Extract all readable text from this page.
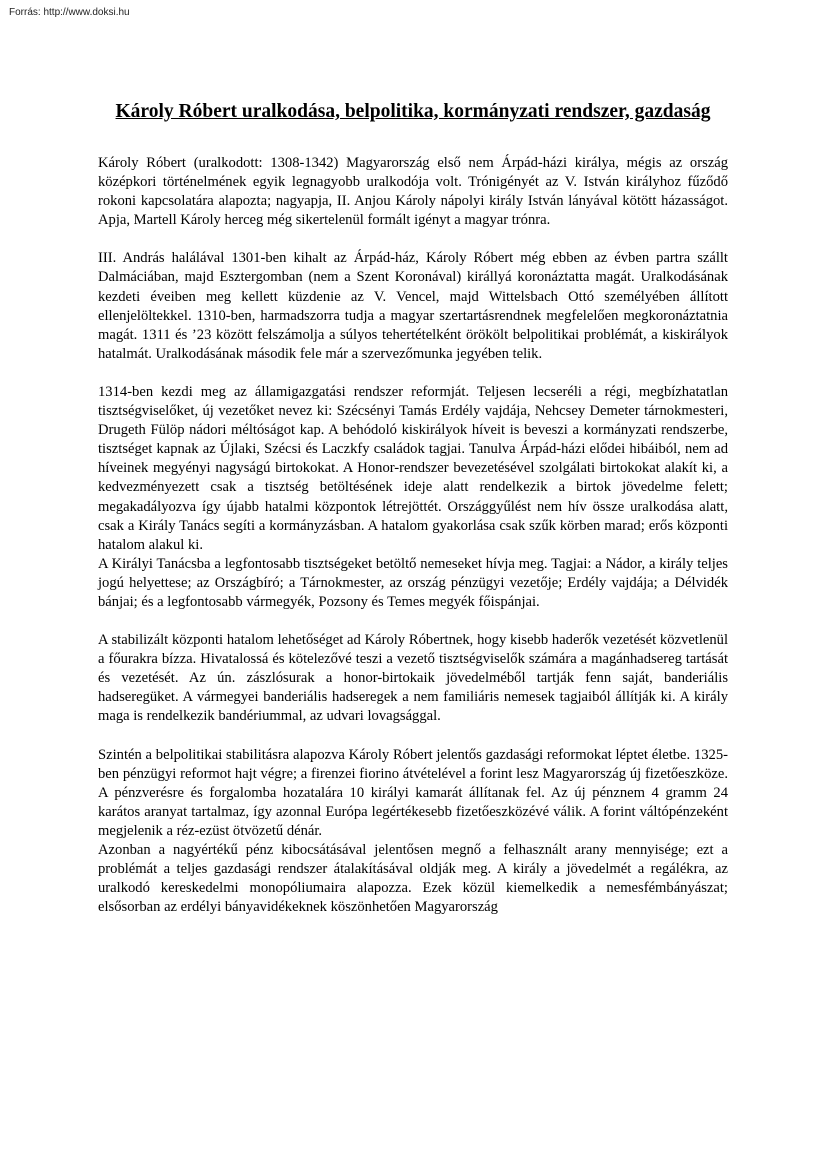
Forrás: http://www.doksi.hu
Károly Róbert uralkodása, belpolitika, kormányzati rendszer, gazdaság

Károly Róbert (uralkodott: 1308-1342) Magyarország első nem Árpád-házi királya, mégis az ország középkori történelmének egyik legnagyobb uralkodója volt. Trónigényét az V. István királyhoz fűződő rokoni kapcsolatára alapozta; nagyapja, II. Anjou Károly nápolyi király István lányával kötött házasságot. Apja, Martell Károly herceg még sikertelenül formált igényt a magyar trónra.

III. András halálával 1301-ben kihalt az Árpád-ház, Károly Róbert még ebben az évben partra szállt Dalmáciában, majd Esztergomban (nem a Szent Koronával) királlyá koronáztatta magát. Uralkodásának kezdeti éveiben meg kellett küzdenie az V. Vencel, majd Wittelsbach Ottó személyében állított ellenjelöltekkel. 1310-ben, harmadszorra tudja a magyar szertartásrendnek megfelelően megkoronáztatnia magát. 1311 és ’23 között felszámolja a súlyos tehertételként örökölt belpolitikai problémát, a kiskirályok hatalmát. Uralkodásának második fele már a szervezőmunka jegyében telik.

1314-ben kezdi meg az államigazgatási rendszer reformját. Teljesen lecseréli a régi, megbízhatatlan tisztségviselőket, új vezetőket nevez ki: Szécsényi Tamás Erdély vajdája, Nehcsey Demeter tárnokmesteri, Drugeth Fülöp nádori méltóságot kap. A behódoló kiskirályok híveit is beveszi a kormányzati rendszerbe, tisztséget kapnak az Újlaki, Szécsi és Laczkfy családok tagjai. Tanulva Árpád-házi elődei hibáiból, nem ad híveinek megyényi nagyságú birtokokat. A Honor-rendszer bevezetésével szolgálati birtokokat alakít ki, a kedvezményezett csak a tisztség betöltésének ideje alatt rendelkezik a birtok jövedelme felett; megakadályozva így újabb hatalmi központok létrejöttét. Országgyűlést nem hív össze uralkodása alatt, csak a Király Tanács segíti a kormányzásban. A hatalom gyakorlása csak szűk körben marad; erős központi hatalom alakul ki.

A Királyi Tanácsba a legfontosabb tisztségeket betöltő nemeseket hívja meg. Tagjai: a Nádor, a király teljes jogú helyettese; az Országbíró; a Tárnokmester, az ország pénzügyi vezetője; Erdély vajdája; a Délvidék bánjai; és a legfontosabb vármegyék, Pozsony és Temes megyék főispánjai.

A stabilizált központi hatalom lehetőséget ad Károly Róbertnek, hogy kisebb haderők vezetését közvetlenül a főurakra bízza. Hivatalossá és kötelezővé teszi a vezető tisztségviselők számára a magánhadsereg tartását és vezetését. Az ún. zászlósurak a honor-birtokaik jövedelméből tartják fenn saját, banderiális hadseregüket. A vármegyei banderiális hadseregek a nem familiáris nemesek tagjaiból állítják ki. A király maga is rendelkezik bandériummal, az udvari lovagsággal.

Szintén a belpolitikai stabilitásra alapozva Károly Róbert jelentős gazdasági reformokat léptet életbe. 1325-ben pénzügyi reformot hajt végre; a firenzei fiorino átvételével a forint lesz Magyarország új fizetőeszköze. A pénzverésre és forgalomba hozatalára 10 királyi kamarát állítanak fel. Az új pénznem 4 gramm 24 karátos aranyat tartalmaz, így azonnal Európa legértékesebb fizetőeszközévé válik. A forint váltópénzeként megjelenik a réz-ezüst ötvözetű dénár.

Azonban a nagyértékű pénz kibocsátásával jelentősen megnő a felhasznált arany mennyisége; ezt a problémát a teljes gazdasági rendszer átalakításával oldják meg. A király a jövedelmét a regálékra, az uralkodó kereskedelmi monopóliumaira alapozza. Ezek közül kiemelkedik a nemesfémbányászat; elsősorban az erdélyi bányavidékeknek köszönhetően Magyarország
